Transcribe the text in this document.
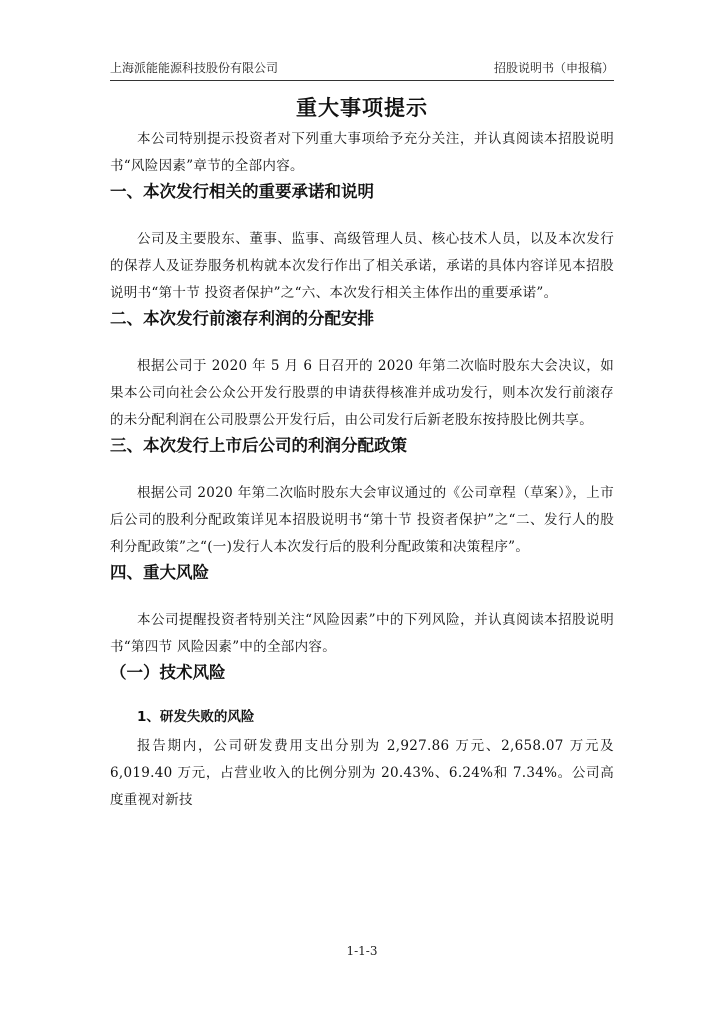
上海派能能源科技股份有限公司	招股说明书（申报稿）
重大事项提示

本公司特别提示投资者对下列重大事项给予充分关注，并认真阅读本招股说明书“风险因素”章节的全部内容。

一、本次发行相关的重要承诺和说明

公司及主要股东、董事、监事、高级管理人员、核心技术人员，以及本次发行的保荐人及证券服务机构就本次发行作出了相关承诺，承诺的具体内容详见本招股说明书“第十节 投资者保护”之“六、本次发行相关主体作出的重要承诺”。

二、本次发行前滚存利润的分配安排

根据公司于 2020 年 5 月 6 日召开的 2020 年第二次临时股东大会决议，如果本公司向社会公众公开发行股票的申请获得核准并成功发行，则本次发行前滚存的未分配利润在公司股票公开发行后，由公司发行后新老股东按持股比例共享。

三、本次发行上市后公司的利润分配政策

根据公司 2020 年第二次临时股东大会审议通过的《公司章程（草案）》，上市后公司的股利分配政策详见本招股说明书“第十节 投资者保护”之“二、发行人的股利分配政策”之“(一)发行人本次发行后的股利分配政策和决策程序”。

四、重大风险

本公司提醒投资者特别关注“风险因素”中的下列风险，并认真阅读本招股说明书“第四节 风险因素”中的全部内容。

（一）技术风险
1、研发失败的风险

报告期内，公司研发费用支出分别为 2,927.86 万元、2,658.07 万元及 6,019.40 万元，占营业收入的比例分别为 20.43%、6.24%和 7.34%。公司高度重视对新技

1-1-3
